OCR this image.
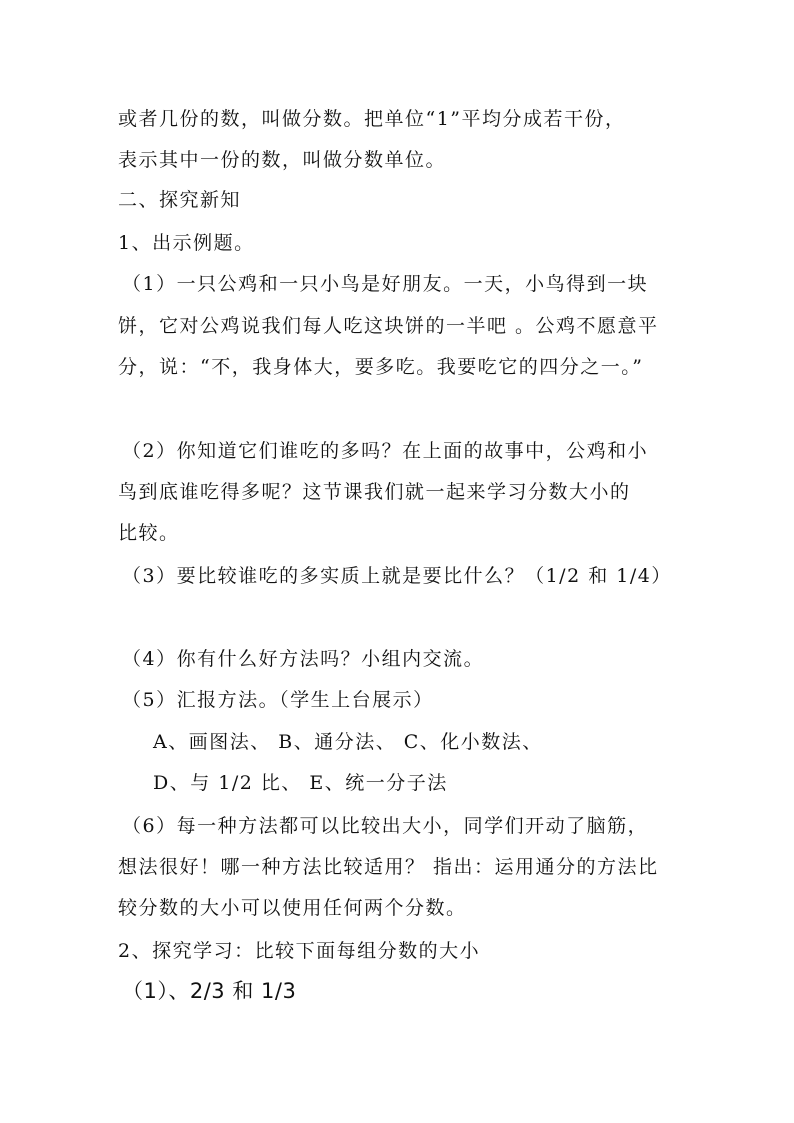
或者几份的数，叫做分数。把单位“1”平均分成若干份，
表示其中一份的数，叫做分数单位。
二、探究新知
1、出示例题。
（1）一只公鸡和一只小鸟是好朋友。一天，小鸟得到一块
饼，它对公鸡说我们每人吃这块饼的一半吧 。公鸡不愿意平
分，说：“不，我身体大，要多吃。我要吃它的四分之一。”
（2）你知道它们谁吃的多吗？在上面的故事中，公鸡和小
鸟到底谁吃得多呢？这节课我们就一起来学习分数大小的
比较。
（3）要比较谁吃的多实质上就是要比什么？（1/2 和 1/4）
（4）你有什么好方法吗？小组内交流。
（5）汇报方法。（学生上台展示）
A、画图法、 B、通分法、 C、化小数法、
D、与 1/2 比、 E、统一分子法
（6）每一种方法都可以比较出大小，同学们开动了脑筋，
想法很好！哪一种方法比较适用？ 指出：运用通分的方法比
较分数的大小可以使用任何两个分数。
2、探究学习：比较下面每组分数的大小
（1）、2/3 和 1/3
